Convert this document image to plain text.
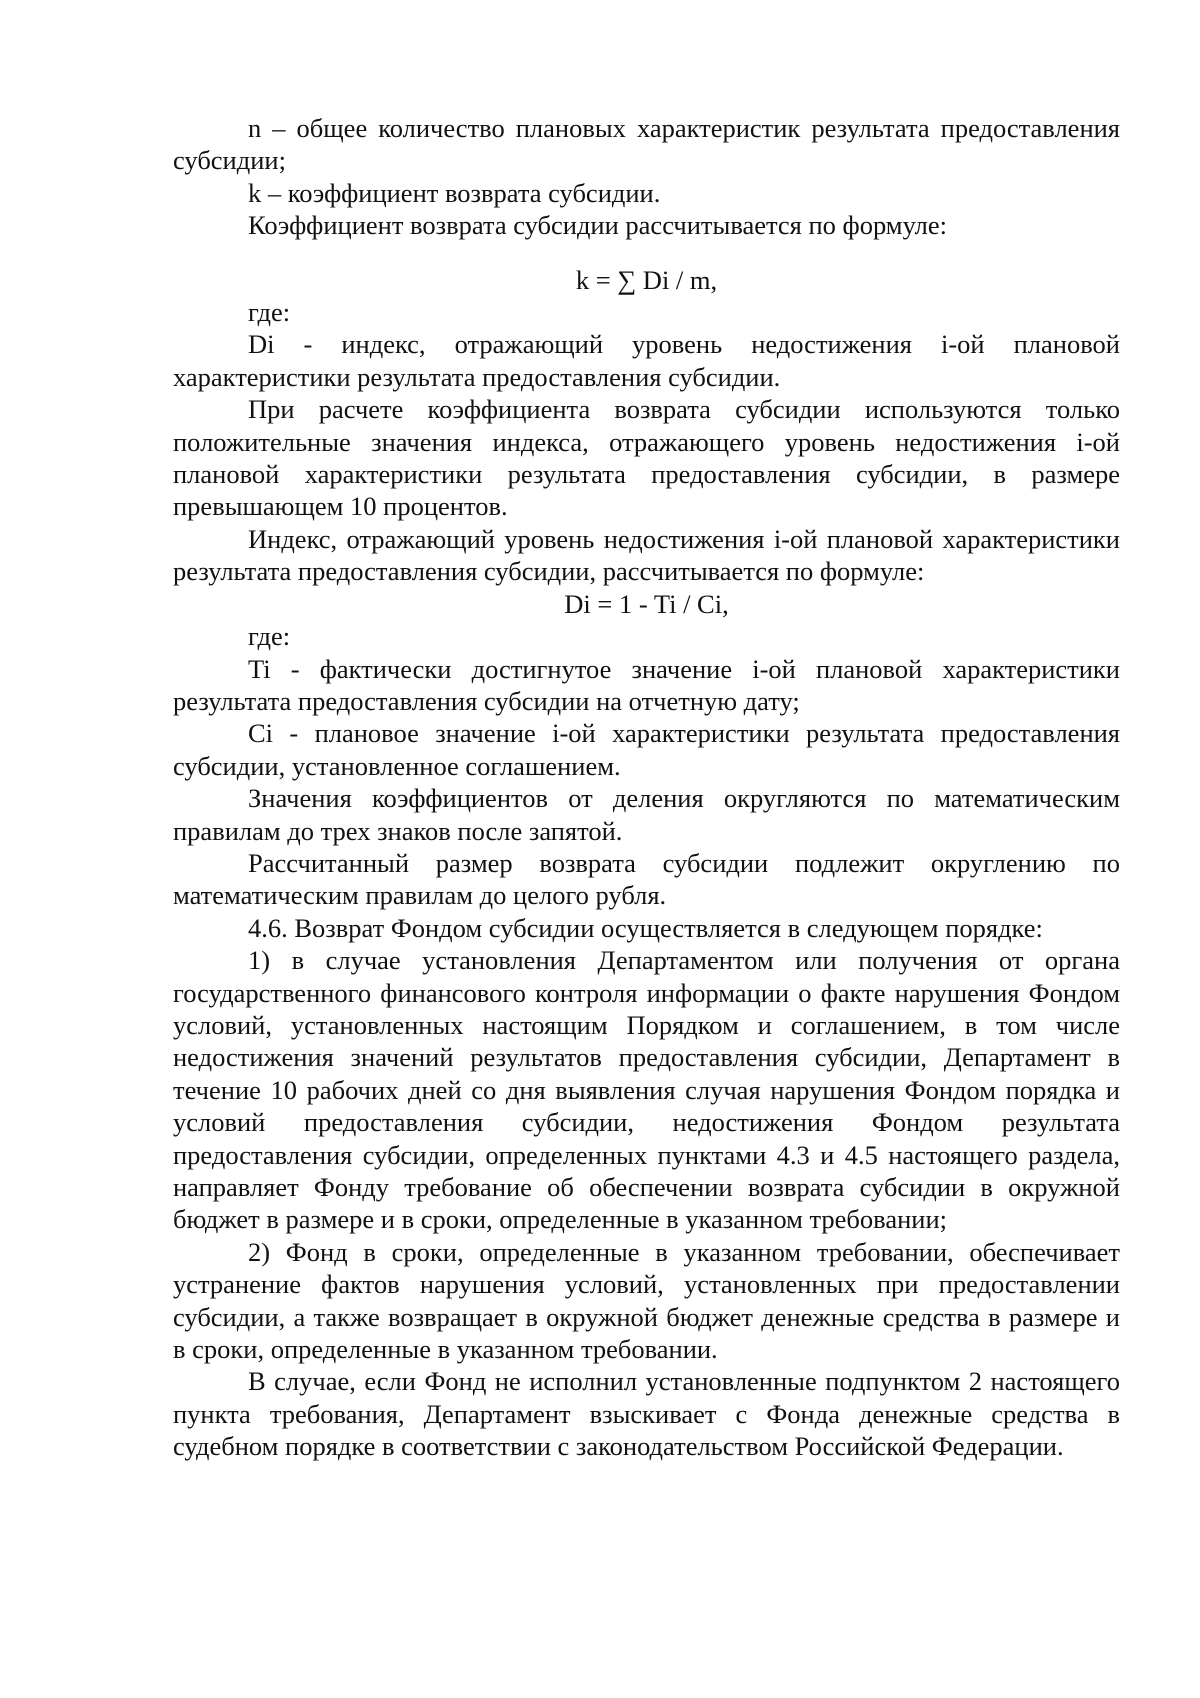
n – общее количество плановых характеристик результата предоставления субсидии;

k – коэффициент возврата субсидии.

Коэффициент возврата субсидии рассчитывается по формуле:

k = ∑ Di / m,

где:

Di - индекс, отражающий уровень недостижения i-ой плановой характеристики результата предоставления субсидии.

При расчете коэффициента возврата субсидии используются только положительные значения индекса, отражающего уровень недостижения i-ой плановой характеристики результата предоставления субсидии, в размере превышающем 10 процентов.

Индекс, отражающий уровень недостижения i-ой плановой характеристики результата предоставления субсидии, рассчитывается по формуле:

Di = 1 - Ti / Ci,

где:

Ti - фактически достигнутое значение i-ой плановой характеристики результата предоставления субсидии на отчетную дату;

Ci - плановое значение i-ой характеристики результата предоставления субсидии, установленное соглашением.

Значения коэффициентов от деления округляются по математическим правилам до трех знаков после запятой.

Рассчитанный размер возврата субсидии подлежит округлению по математическим правилам до целого рубля.

4.6. Возврат Фондом субсидии осуществляется в следующем порядке:

1) в случае установления Департаментом или получения от органа государственного финансового контроля информации о факте нарушения Фондом условий, установленных настоящим Порядком и соглашением, в том числе недостижения значений результатов предоставления субсидии, Департамент в течение 10 рабочих дней со дня выявления случая нарушения Фондом порядка и условий предоставления субсидии, недостижения Фондом результата предоставления субсидии, определенных пунктами 4.3 и 4.5 настоящего раздела, направляет Фонду требование об обеспечении возврата субсидии в окружной бюджет в размере и в сроки, определенные в указанном требовании;

2) Фонд в сроки, определенные в указанном требовании, обеспечивает устранение фактов нарушения условий, установленных при предоставлении субсидии, а также возвращает в окружной бюджет денежные средства в размере и в сроки, определенные в указанном требовании.

В случае, если Фонд не исполнил установленные подпунктом 2 настоящего пункта требования, Департамент взыскивает с Фонда денежные средства в судебном порядке в соответствии с законодательством Российской Федерации.
